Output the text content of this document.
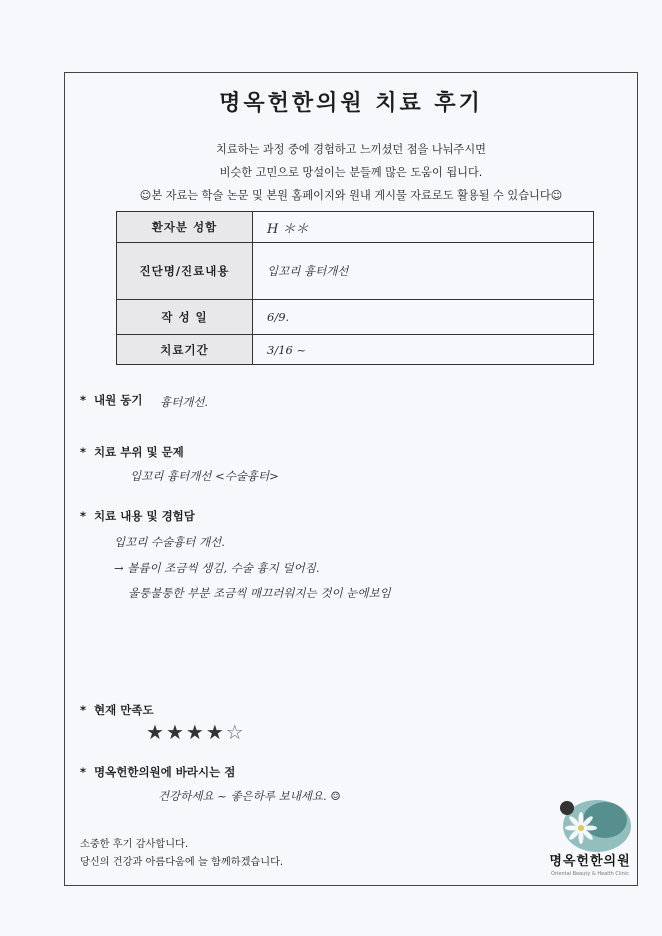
명옥헌한의원 치료 후기
치료하는 과정 중에 경험하고 느끼셨던 점을 나눠주시면
비슷한 고민으로 망설이는 분들께 많은 도움이 됩니다.
☺본 자료는 학술 논문 및 본원 홈페이지와 원내 게시물 자료로도 활용될 수 있습니다☺
환자분 성함	H ＊＊
진단명/진료내용	입꼬리 흉터개선
작 성 일	6/9.
치료기간	3/16 ~
* 내원 동기 흉터개선.
* 치료 부위 및 문제
입꼬리 흉터개선 <수술흉터>
* 치료 내용 및 경험담
입꼬리 수술흉터 개선.
→ 볼륨이 조금씩 생김, 수술 흉지 덜어짐.
울퉁불퉁한 부분 조금씩 매끄러워지는 것이 눈에보임
* 현재 만족도
★ ★ ★ ★ ☆
* 명옥헌한의원에 바라시는 점
건강하세요 ~ 좋은하루 보내세요. ☺
소중한 후기 감사합니다.
당신의 건강과 아름다움에 늘 함께하겠습니다.	명옥헌한의원
Oriental Beauty & Health Clinic
